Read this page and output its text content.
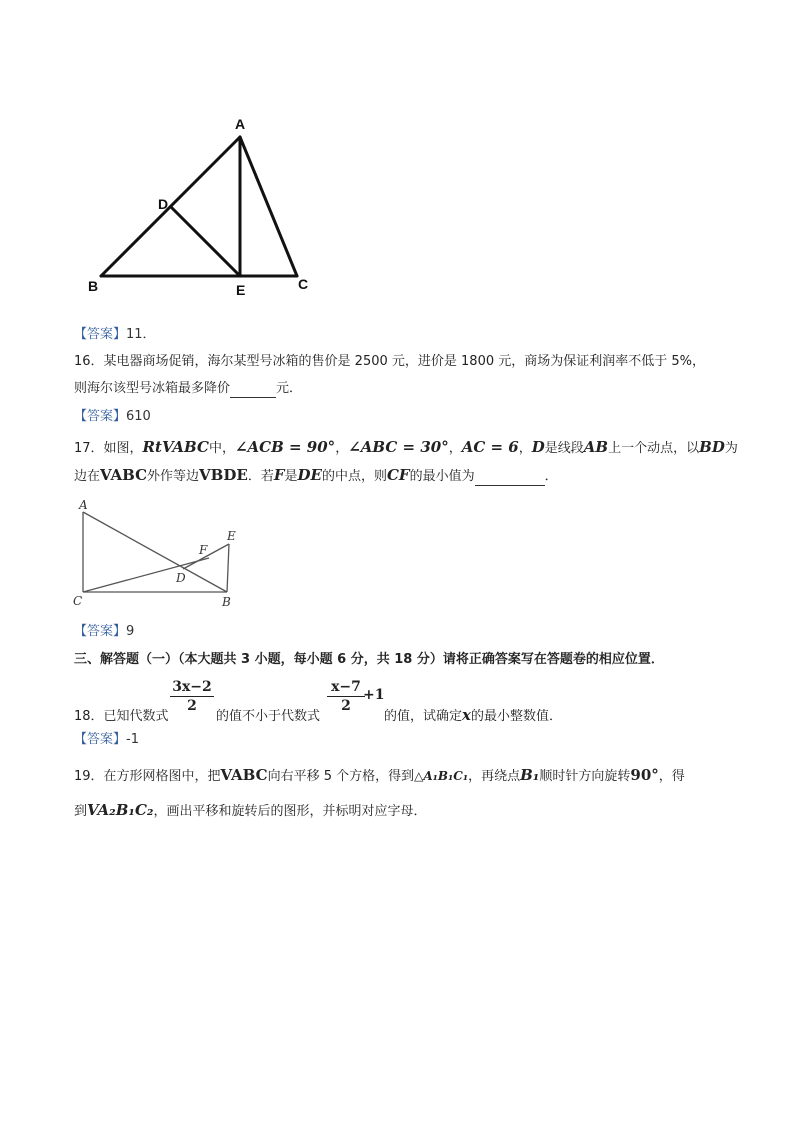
A
D
B	E	C
【答案】11．
16．某电器商场促销，海尔某型号冰箱的售价是 2500 元，进价是 1800 元，商场为保证利润率不低于 5%，
则海尔该型号冰箱最多降价	元．
【答案】610
17．如图，RtVABC中，∠ACB = 90°，∠ABC = 30°，AC = 6，D是线段AB上一个动点，以BD为
边在VABC外作等边VBDE．若F是DE的中点，则CF的最小值为	．
A
C	B
D
E
F
【答案】9
三、解答题（一）（本大题共 3 小题，每小题 6 分，共 18 分）请将正确答案写在答题卷的相应位置．
$\frac{3x-2}{2}$	$\frac{x-7}{2}$
+1
18．已知代数式	的值不小于代数式	的值，试确定x的最小整数值．
【答案】-1
19．在方形网格图中，把VABC向右平移 5 个方格，得到△A₁B₁C₁，再绕点B₁顺时针方向旋转90°，得
到VA₂B₁C₂，画出平移和旋转后的图形，并标明对应字母．
